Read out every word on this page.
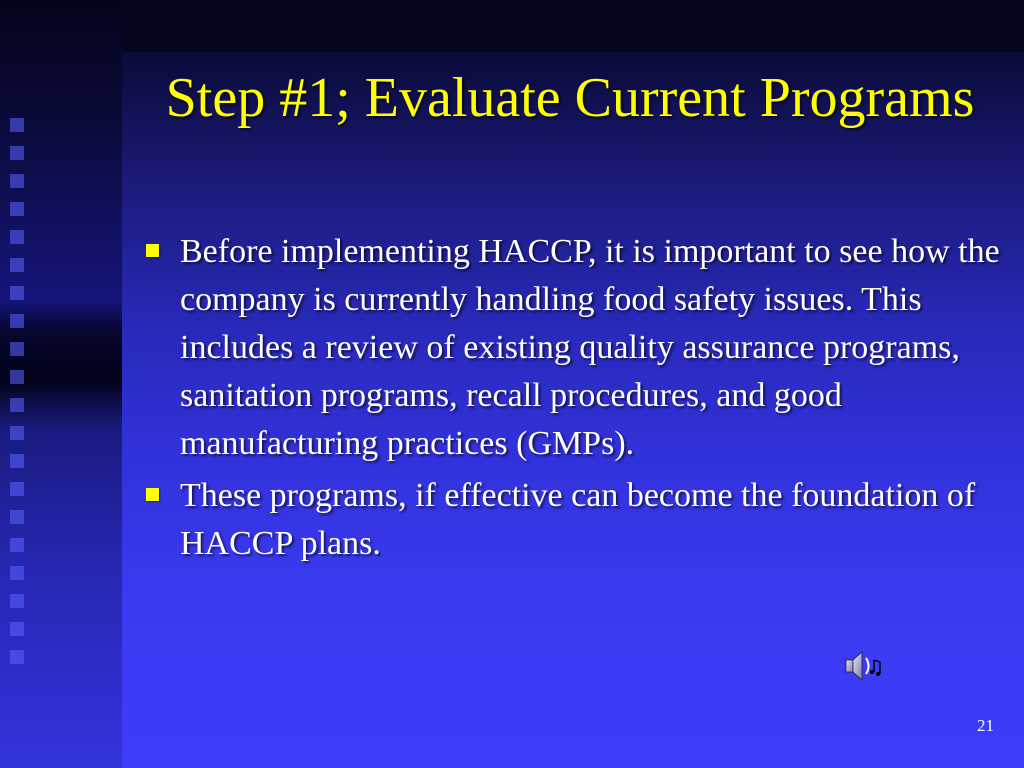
Step #1; Evaluate Current Programs
Before implementing HACCP, it is important to see how the company is currently handling food safety issues. This includes a review of existing quality assurance programs, sanitation programs, recall procedures, and good manufacturing practices (GMPs).
These programs, if effective can become the foundation of HACCP plans.
21
